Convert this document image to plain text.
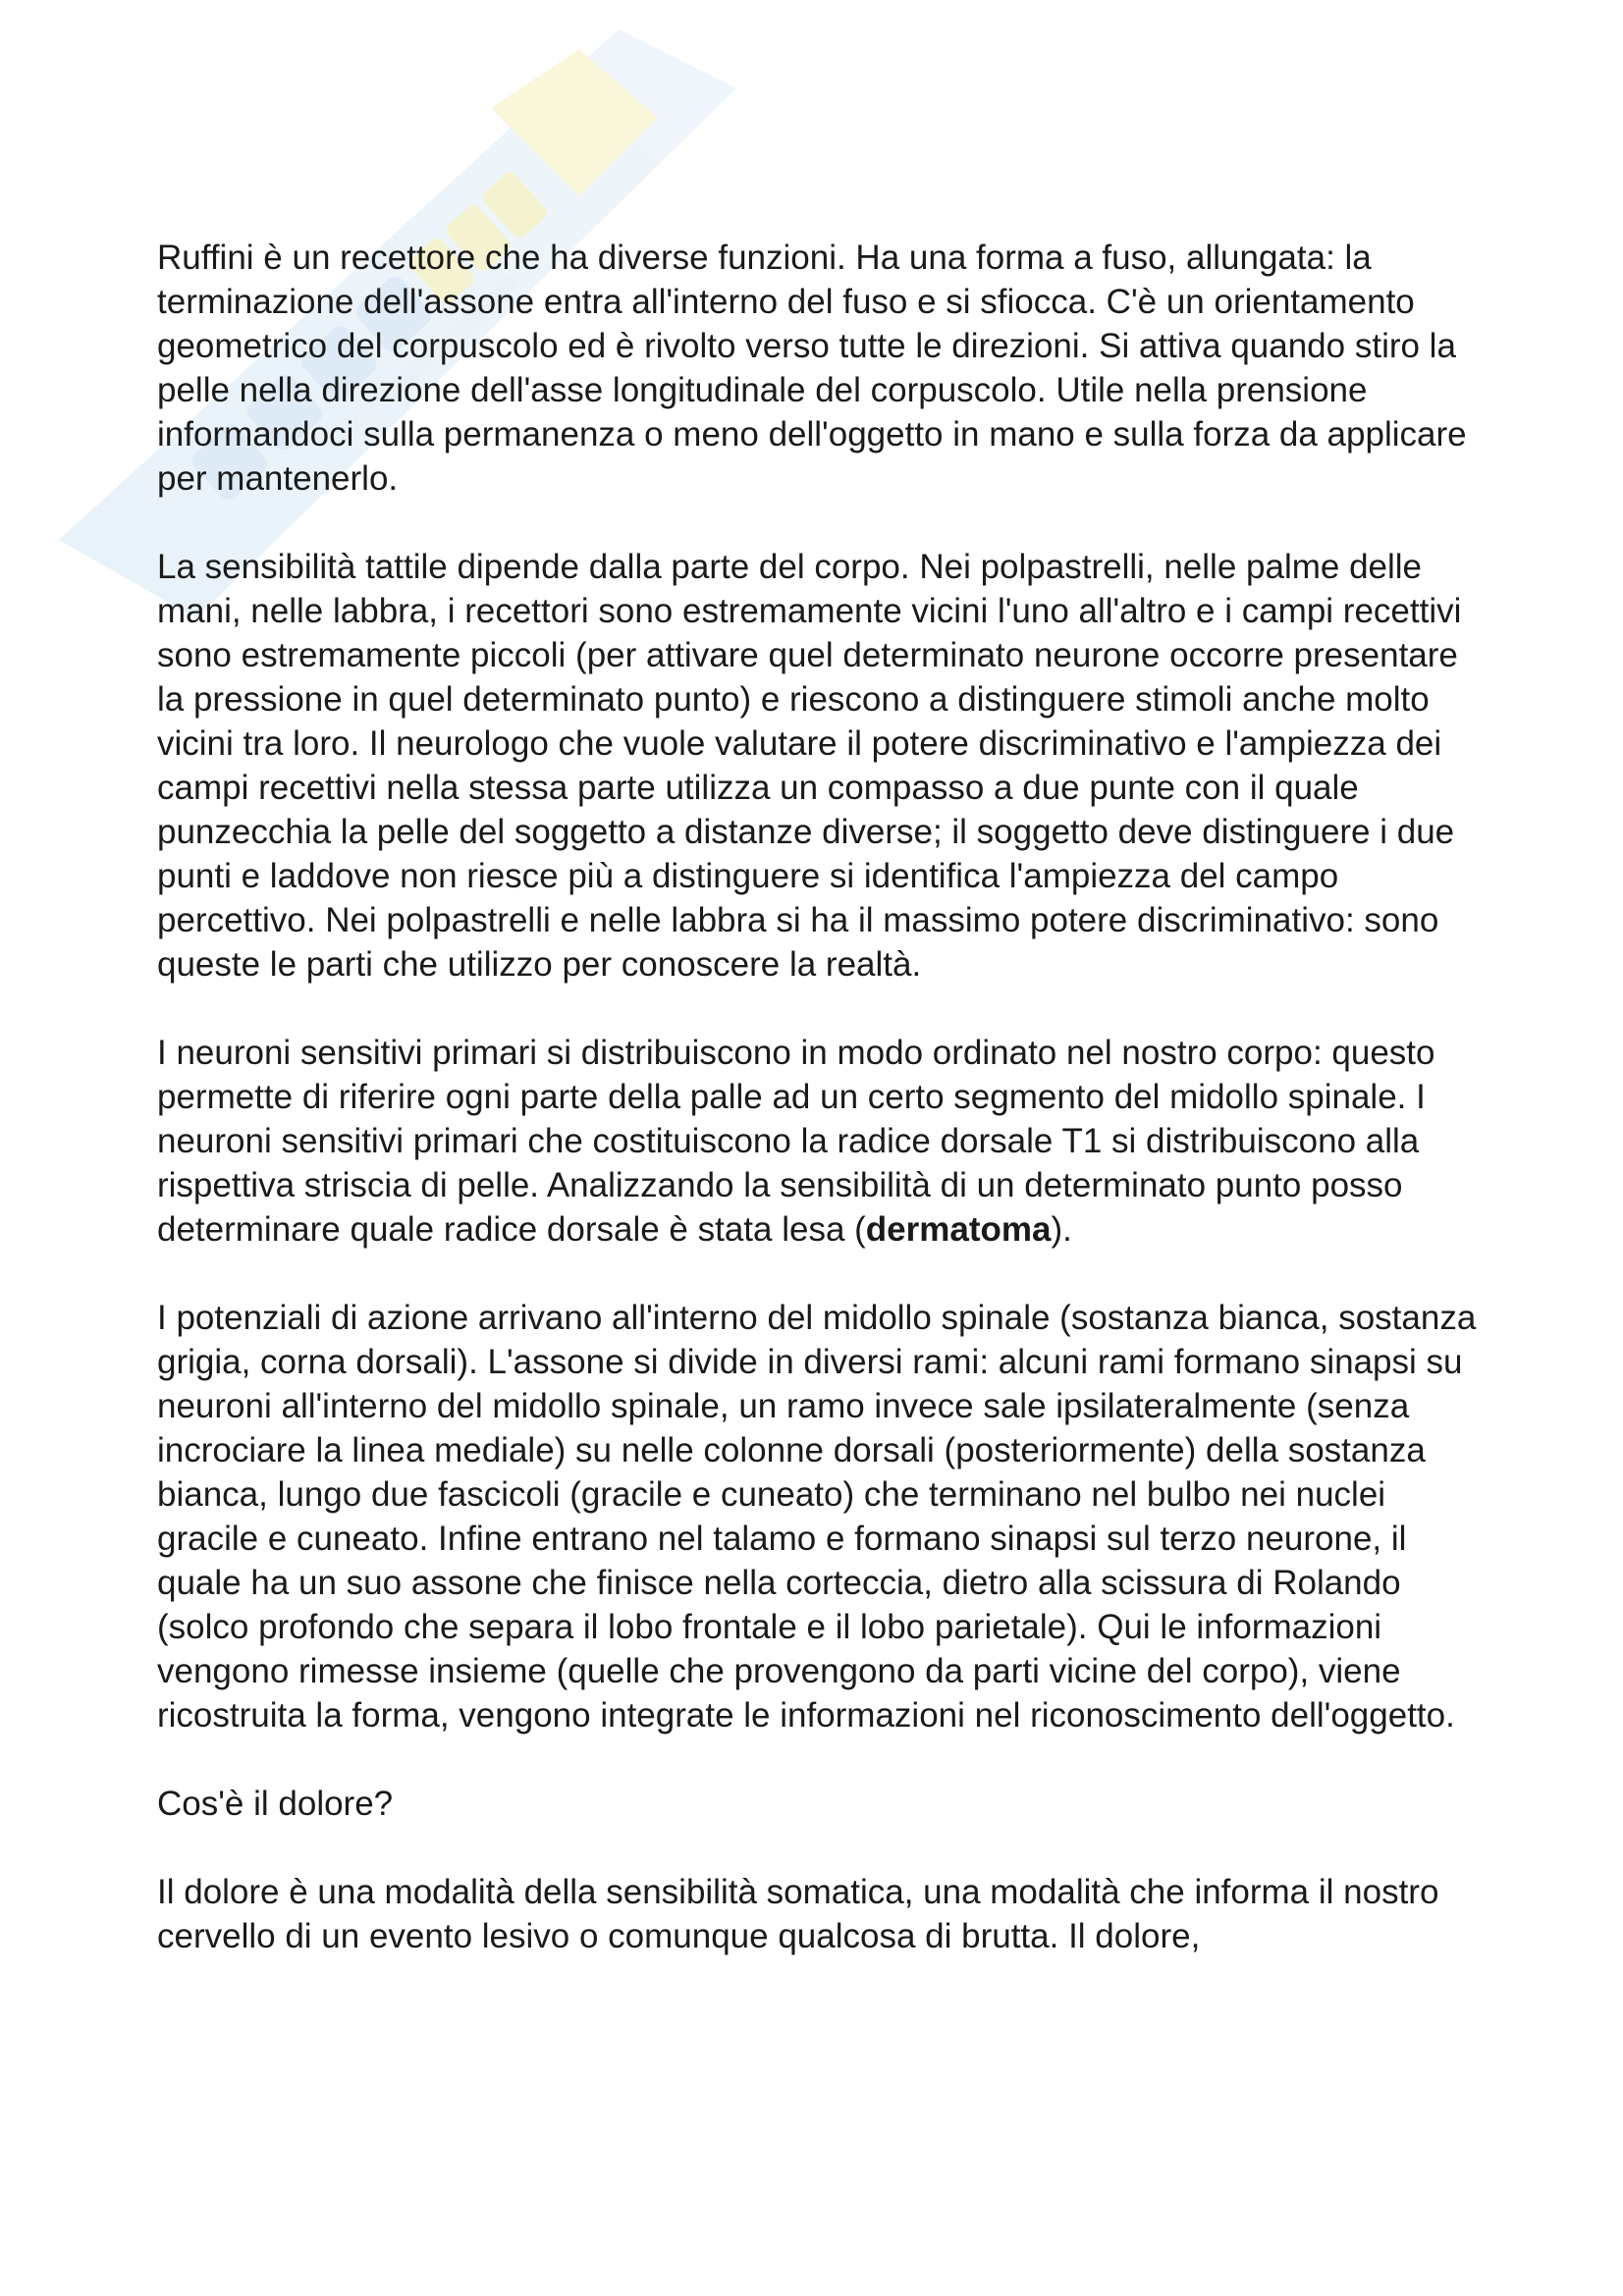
Ruffini è un recettore che ha diverse funzioni. Ha una forma a fuso, allungata: la terminazione dell'assone entra all'interno del fuso e si sfiocca. C'è un orientamento geometrico del corpuscolo ed è rivolto verso tutte le direzioni. Si attiva quando stiro la pelle nella direzione dell'asse longitudinale del corpuscolo. Utile nella prensione informandoci sulla permanenza o meno dell'oggetto in mano e sulla forza da applicare per mantenerlo.

La sensibilità tattile dipende dalla parte del corpo. Nei polpastrelli, nelle palme delle mani, nelle labbra, i recettori sono estremamente vicini l'uno all'altro e i campi recettivi sono estremamente piccoli (per attivare quel determinato neurone occorre presentare la pressione in quel determinato punto) e riescono a distinguere stimoli anche molto vicini tra loro. Il neurologo che vuole valutare il potere discriminativo e l'ampiezza dei campi recettivi nella stessa parte utilizza un compasso a due punte con il quale punzecchia la pelle del soggetto a distanze diverse; il soggetto deve distinguere i due punti e laddove non riesce più a distinguere si identifica l'ampiezza del campo percettivo. Nei polpastrelli e nelle labbra si ha il massimo potere discriminativo: sono queste le parti che utilizzo per conoscere la realtà.

I neuroni sensitivi primari si distribuiscono in modo ordinato nel nostro corpo: questo permette di riferire ogni parte della palle ad un certo segmento del midollo spinale. I neuroni sensitivi primari che costituiscono la radice dorsale T1 si distribuiscono alla rispettiva striscia di pelle. Analizzando la sensibilità di un determinato punto posso determinare quale radice dorsale è stata lesa (dermatoma).

I potenziali di azione arrivano all'interno del midollo spinale (sostanza bianca, sostanza grigia, corna dorsali). L'assone si divide in diversi rami: alcuni rami formano sinapsi su neuroni all'interno del midollo spinale, un ramo invece sale ipsilateralmente (senza incrociare la linea mediale) su nelle colonne dorsali (posteriormente) della sostanza bianca, lungo due fascicoli (gracile e cuneato) che terminano nel bulbo nei nuclei gracile e cuneato. Infine entrano nel talamo e formano sinapsi sul terzo neurone, il quale ha un suo assone che finisce nella corteccia, dietro alla scissura di Rolando (solco profondo che separa il lobo frontale e il lobo parietale). Qui le informazioni vengono rimesse insieme (quelle che provengono da parti vicine del corpo), viene ricostruita la forma, vengono integrate le informazioni nel riconoscimento dell'oggetto.

Cos'è il dolore?

Il dolore è una modalità della sensibilità somatica, una modalità che informa il nostro cervello di un evento lesivo o comunque qualcosa di brutta. Il dolore,
